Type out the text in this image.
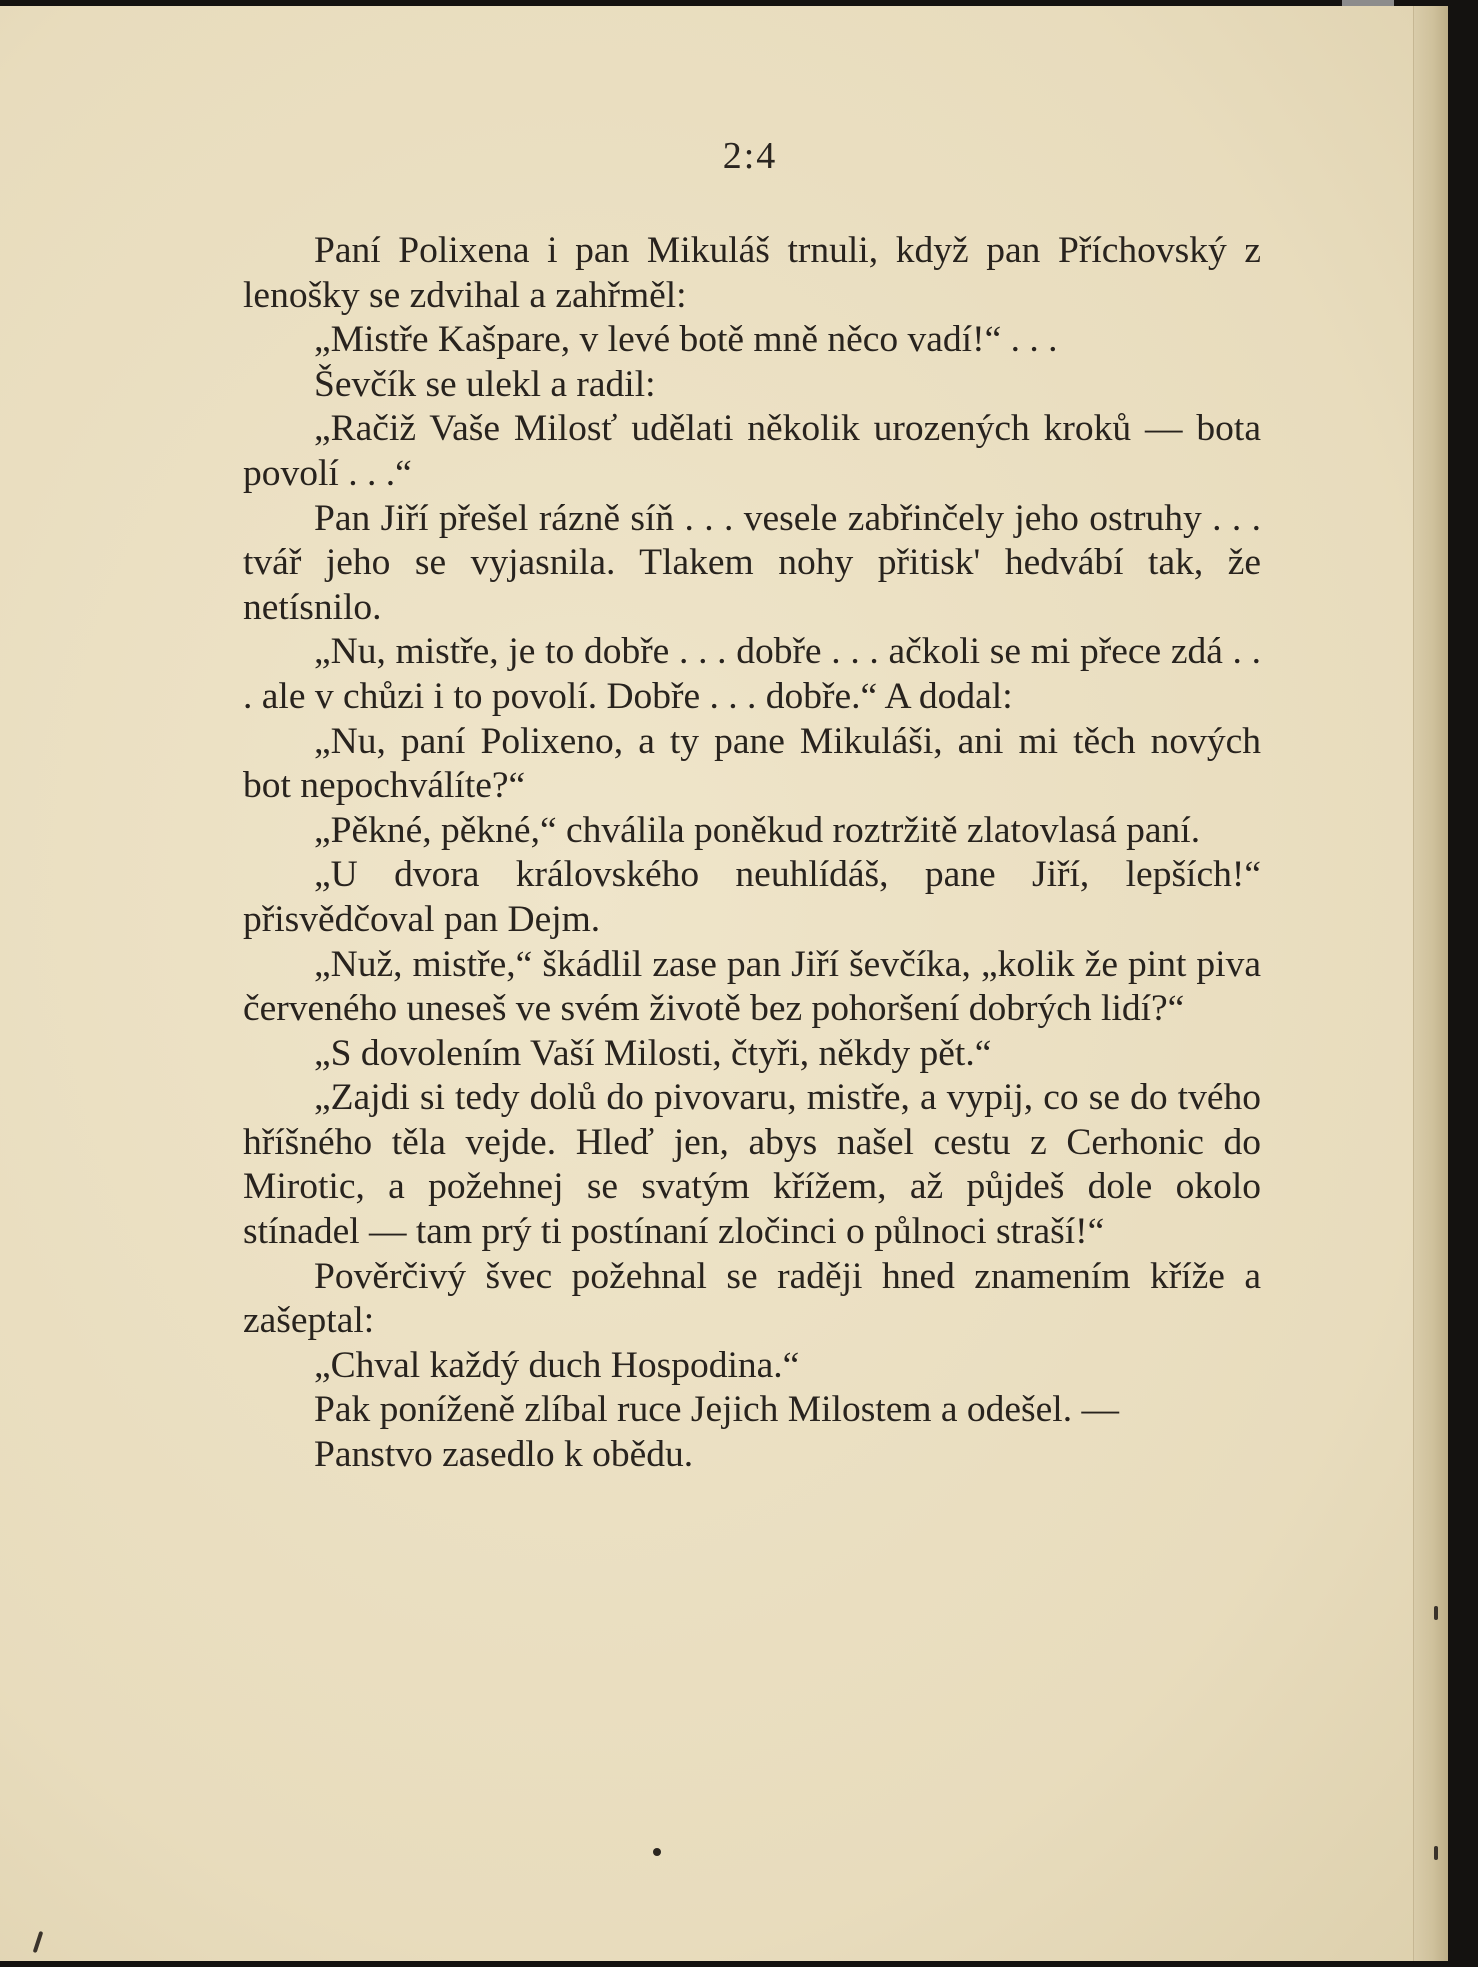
2:4

Paní Polixena i pan Mikuláš trnuli, když pan Příchovský z lenošky se zdvihal a zahřměl:

„Mistře Kašpare, v levé botě mně něco vadí!“ . . .

Ševčík se ulekl a radil:

„Račiž Vaše Milosť udělati několik urozených kroků — bota povolí . . .“

Pan Jiří přešel rázně síň . . . vesele zabřinčely jeho ostruhy . . . tvář jeho se vyjasnila. Tlakem nohy přitisk' hedvábí tak, že netísnilo.

„Nu, mistře, je to dobře . . . dobře . . . ačkoli se mi přece zdá . . . ale v chůzi i to povolí. Dobře . . . dobře.“ A dodal:

„Nu, paní Polixeno, a ty pane Mikuláši, ani mi těch nových bot nepochválíte?“

„Pěkné, pěkné,“ chválila poněkud roztržitě zlatovlasá paní.

„U dvora královského neuhlídáš, pane Jiří, lepších!“ přisvědčoval pan Dejm.

„Nuž, mistře,“ škádlil zase pan Jiří ševčíka, „kolik že pint piva červeného uneseš ve svém životě bez pohoršení dobrých lidí?“

„S dovolením Vaší Milosti, čtyři, někdy pět.“

„Zajdi si tedy dolů do pivovaru, mistře, a vypij, co se do tvého hříšného těla vejde. Hleď jen, abys našel cestu z Cerhonic do Mirotic, a požehnej se svatým křížem, až půjdeš dole okolo stínadel — tam prý ti postínaní zločinci o půlnoci straší!“

Pověrčivý švec požehnal se raději hned znamením kříže a zašeptal:

„Chval každý duch Hospodina.“

Pak poníženě zlíbal ruce Jejich Milostem a odešel. —

Panstvo zasedlo k obědu.
